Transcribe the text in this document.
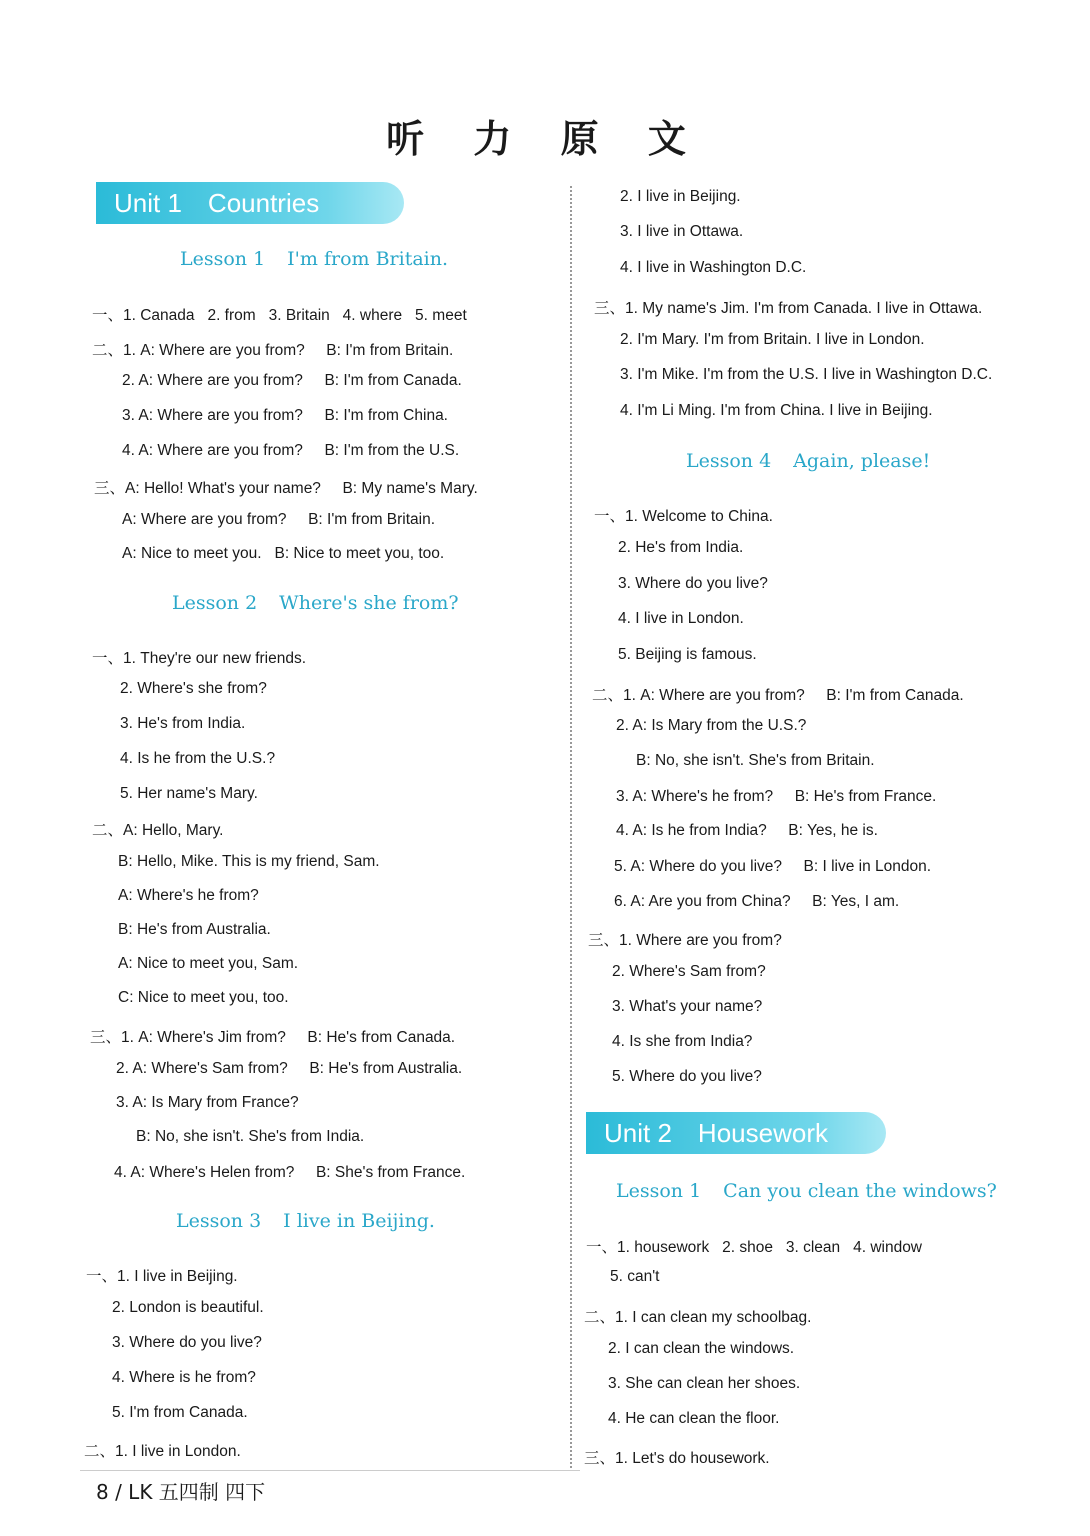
听 力 原 文
Unit 1 Countries
Lesson 1 I'm from Britain.
一、1. Canada   2. from   3. Britain   4. where   5. meet
二、1. A: Where are you from?     B: I'm from Britain.
2. A: Where are you from?     B: I'm from Canada.
3. A: Where are you from?     B: I'm from China.
4. A: Where are you from?     B: I'm from the U.S.
三、A: Hello! What's your name?     B: My name's Mary.
A: Where are you from?     B: I'm from Britain.
A: Nice to meet you.   B: Nice to meet you, too.
一、1. They're our new friends.
2. Where's she from?
3. He's from India.
4. Is he from the U.S.?
5. Her name's Mary.
二、A: Hello, Mary.
B: Hello, Mike. This is my friend, Sam.
A: Where's he from?
B: He's from Australia.
A: Nice to meet you, Sam.
C: Nice to meet you, too.
三、1. A: Where's Jim from?     B: He's from Canada.
2. A: Where's Sam from?     B: He's from Australia.
3. A: Is Mary from France?
B: No, she isn't. She's from India.
4. A: Where's Helen from?     B: She's from France.
一、1. I live in Beijing.
2. London is beautiful.
3. Where do you live?
4. Where is he from?
5. I'm from Canada.
二、1. I live in London.
Lesson 2 Where's she from?
Lesson 3 I live in Beijing.
Lesson 4 Again, please!
Unit 2 Housework
Lesson 1 Can you clean the windows?
2. I live in Beijing.
3. I live in Ottawa.
4. I live in Washington D.C.
三、1. My name's Jim. I'm from Canada. I live in Ottawa.
2. I'm Mary. I'm from Britain. I live in London.
3. I'm Mike. I'm from the U.S. I live in Washington D.C.
4. I'm Li Ming. I'm from China. I live in Beijing.
一、1. Welcome to China.
2. He's from India.
3. Where do you live?
4. I live in London.
5. Beijing is famous.
二、1. A: Where are you from?     B: I'm from Canada.
2. A: Is Mary from the U.S.?
B: No, she isn't. She's from Britain.
3. A: Where's he from?     B: He's from France.
4. A: Is he from India?     B: Yes, he is.
5. A: Where do you live?     B: I live in London.
6. A: Are you from China?     B: Yes, I am.
三、1. Where are you from?
2. Where's Sam from?
3. What's your name?
4. Is she from India?
5. Where do you live?
一、1. housework   2. shoe   3. clean   4. window
5. can't
二、1. I can clean my schoolbag.
2. I can clean the windows.
3. She can clean her shoes.
4. He can clean the floor.
三、1. Let's do housework.
8 / LK 五四制 四下
